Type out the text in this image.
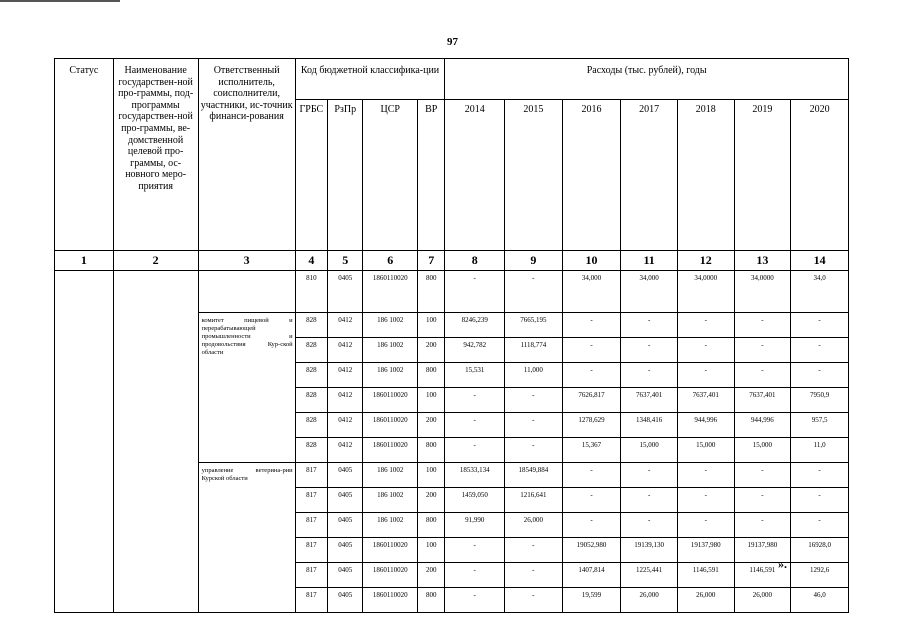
97
Статус	Наименование государствен-ной про-граммы, под-программы государствен-ной про-граммы, ве-домственной целевой про-граммы, ос-новного меро-приятия	Ответственный исполнитель, соисполнители, участники, ис-точник финанси-рования	Код бюджетной классифика-ции				Расходы (тыс. рублей), годы						
			ГРБС	РзПр	ЦСР	ВР	2014	2015	2016	2017	2018	2019	2020
1	2	3	4	5	6	7	8	9	10	11	12	13	14
			810	0405	1860110020	800	-	-	34,000	34,000	34,0000	34,0000	34,0
		комитет пищевой и перерабатывающей промышленности и продовольствия Кур-ской области	828	0412	186 1002	100	8246,239	7665,195	-	-	-	-	-
			828	0412	186 1002	200	942,782	1118,774	-	-	-	-	-
			828	0412	186 1002	800	15,531	11,000	-	-	-	-	-
			828	0412	1860110020	100	-	-	7626,817	7637,401	7637,401	7637,401	7950,9
			828	0412	1860110020	200	-	-	1278,629	1348,416	944,996	944,996	957,5
			828	0412	1860110020	800	-	-	15,367	15,000	15,000	15,000	11,0
		управление ветерина-рии Курской области	817	0405	186 1002	100	18533,134	18549,884	-	-	-	-	-
			817	0405	186 1002	200	1459,050	1216,641	-	-	-	-	-
			817	0405	186 1002	800	91,990	26,000	-	-	-	-	-
			817	0405	1860110020	100	-	-	19052,980	19139,130	19137,980	19137,980	16928,0
			817	0405	1860110020	200	-	-	1407,814	1225,441	1146,591	1146,591	1292,6
			817	0405	1860110020	800	-	-	19,599	26,000	26,000	26,000	46,0
».
